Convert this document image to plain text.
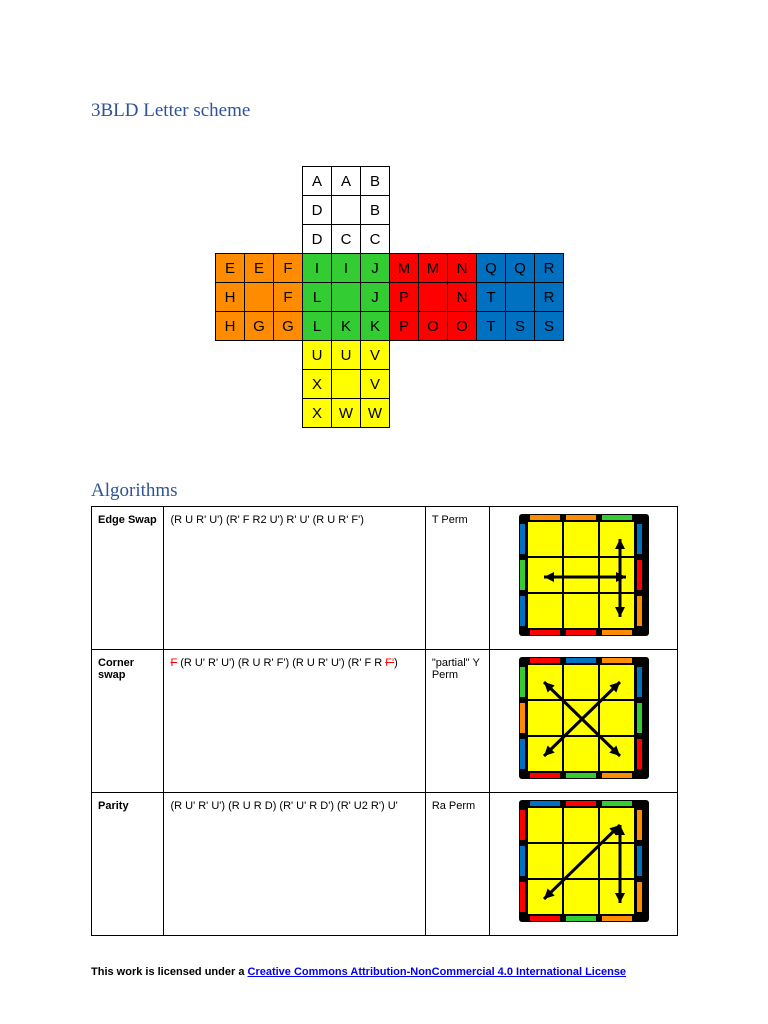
3BLD Letter scheme
			A	A	B						
			D		B						
			D	C	C						
E	E	F	I	I	J	M	M	N	Q	Q	R
H		F	L		J	P		N	T		R
H	G	G	L	K	K	P	O	O	T	S	S
			U	U	V						
			X		V						
			X	W	W						
Algorithms
Edge Swap	(R U R' U') (R' F R2 U') R' U' (R U R' F')	T Perm	

Corner swap	F (R U' R' U') (R U R' F') (R U R' U') (R' F R F')	"partial" Y Perm	

Parity	(R U' R' U') (R U R D) (R' U' R D') (R' U2 R') U'	Ra Perm	
This work is licensed under a Creative Commons Attribution-NonCommercial 4.0 International License
